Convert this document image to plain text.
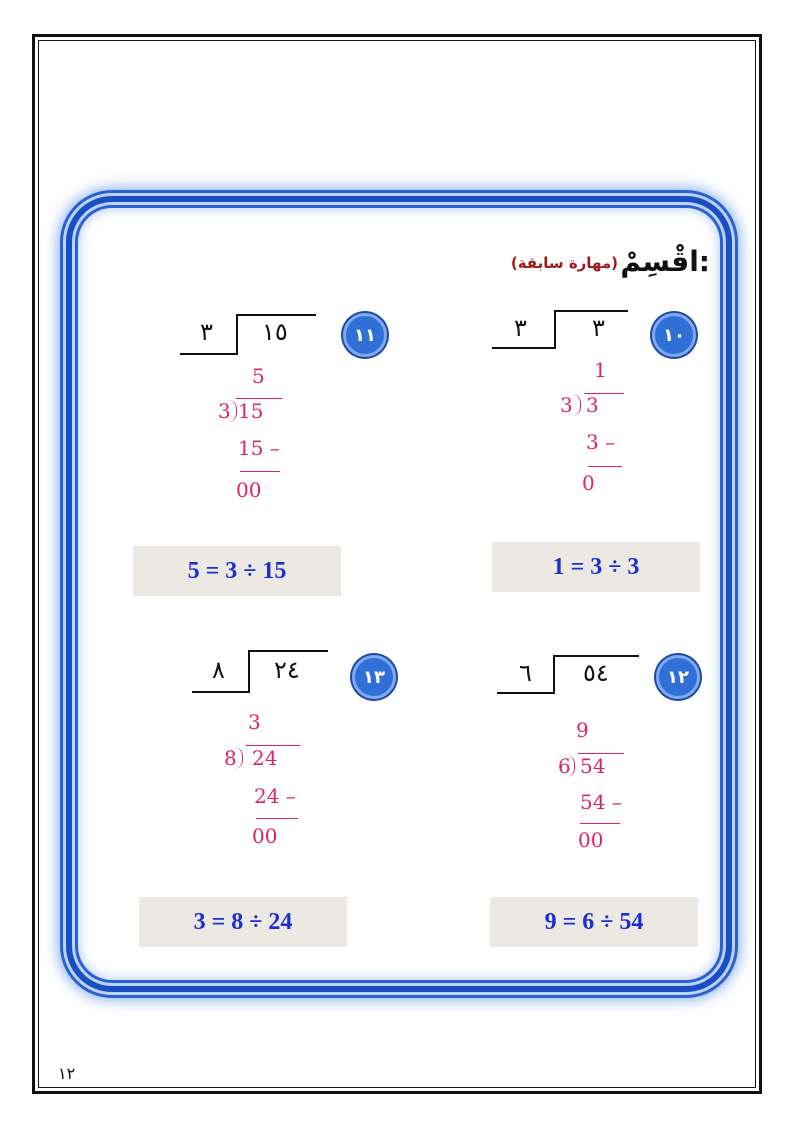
اقْسِمْ:
(مهارة سابقة)
١٠
٣	٣
1
3 3
3 –
0
1 = 3 ÷ 3
١١
٣ ١٥
5
3 15
15 –
00
5 = 3 ÷ 15
١٢
٦ ٥٤
9
6 54
54 –
00
9 = 6 ÷ 54
١٣
٨ ٢٤
3
8 24
24 –
00
3 = 8 ÷ 24
١٢
